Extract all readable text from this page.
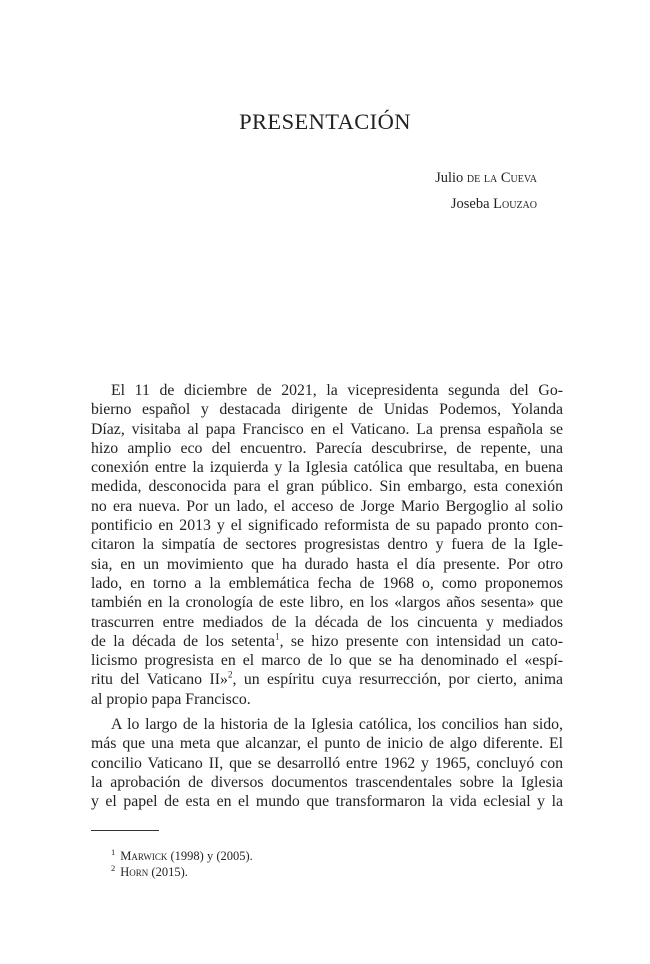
PRESENTACIÓN
Julio de la Cueva
Joseba Louzao
El 11 de diciembre de 2021, la vicepresidenta segunda del Go-
bierno español y destacada dirigente de Unidas Podemos, Yolanda
Díaz, visitaba al papa Francisco en el Vaticano. La prensa española se
hizo amplio eco del encuentro. Parecía descubrirse, de repente, una
conexión entre la izquierda y la Iglesia católica que resultaba, en buena
medida, desconocida para el gran público. Sin embargo, esta conexión
no era nueva. Por un lado, el acceso de Jorge Mario Bergoglio al solio
pontificio en 2013 y el significado reformista de su papado pronto con-
citaron la simpatía de sectores progresistas dentro y fuera de la Igle-
sia, en un movimiento que ha durado hasta el día presente. Por otro
lado, en torno a la emblemática fecha de 1968 o, como proponemos
también en la cronología de este libro, en los «largos años sesenta» que
trascurren entre mediados de la década de los cincuenta y mediados
de la década de los setenta$^1$, se hizo presente con intensidad un cato-
licismo progresista en el marco de lo que se ha denominado el «espí-
ritu del Vaticano II»$^2$, un espíritu cuya resurrección, por cierto, anima
al propio papa Francisco.
A lo largo de la historia de la Iglesia católica, los concilios han sido,
más que una meta que alcanzar, el punto de inicio de algo diferente. El
concilio Vaticano II, que se desarrolló entre 1962 y 1965, concluyó con
la aprobación de diversos documentos trascendentales sobre la Iglesia
y el papel de esta en el mundo que transformaron la vida eclesial y la
$^1$ Marwick (1998) y (2005).
$^2$ Horn (2015).
